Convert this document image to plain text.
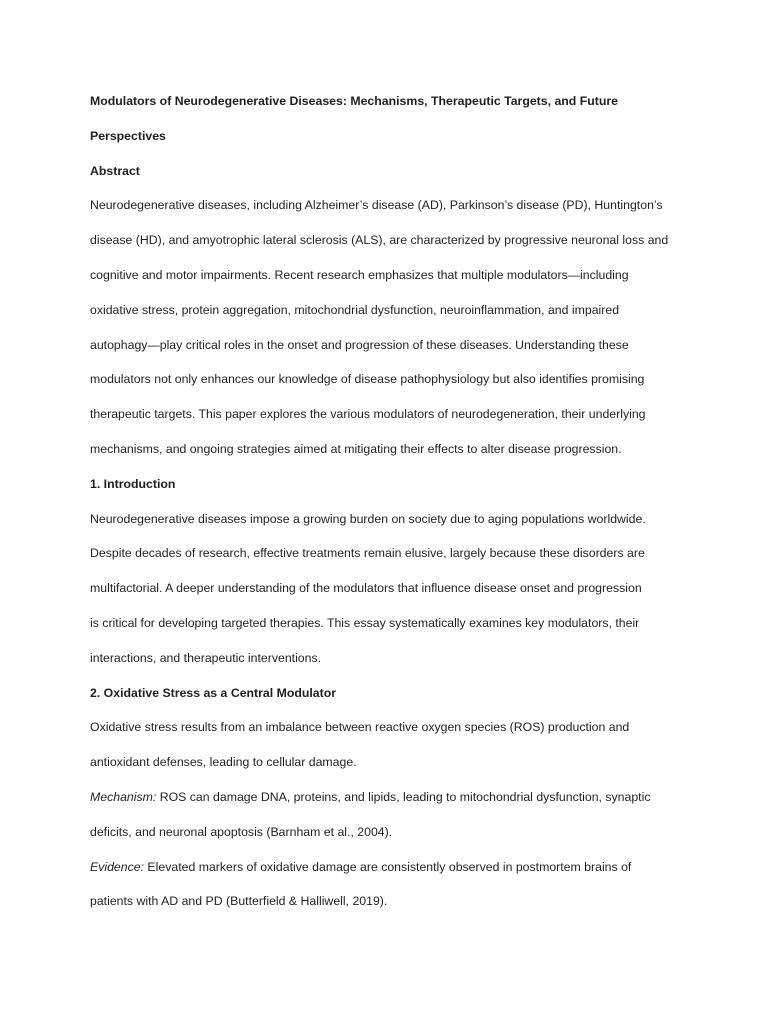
Modulators of Neurodegenerative Diseases: Mechanisms, Therapeutic Targets, and Future

Perspectives

Abstract

Neurodegenerative diseases, including Alzheimer’s disease (AD), Parkinson’s disease (PD), Huntington’s

disease (HD), and amyotrophic lateral sclerosis (ALS), are characterized by progressive neuronal loss and

cognitive and motor impairments. Recent research emphasizes that multiple modulators—including

oxidative stress, protein aggregation, mitochondrial dysfunction, neuroinflammation, and impaired

autophagy—play critical roles in the onset and progression of these diseases. Understanding these

modulators not only enhances our knowledge of disease pathophysiology but also identifies promising

therapeutic targets. This paper explores the various modulators of neurodegeneration, their underlying

mechanisms, and ongoing strategies aimed at mitigating their effects to alter disease progression.

1. Introduction

Neurodegenerative diseases impose a growing burden on society due to aging populations worldwide.

Despite decades of research, effective treatments remain elusive, largely because these disorders are

multifactorial. A deeper understanding of the modulators that influence disease onset and progression

is critical for developing targeted therapies. This essay systematically examines key modulators, their

interactions, and therapeutic interventions.

2. Oxidative Stress as a Central Modulator

Oxidative stress results from an imbalance between reactive oxygen species (ROS) production and

antioxidant defenses, leading to cellular damage.

Mechanism: ROS can damage DNA, proteins, and lipids, leading to mitochondrial dysfunction, synaptic

deficits, and neuronal apoptosis (Barnham et al., 2004).

Evidence: Elevated markers of oxidative damage are consistently observed in postmortem brains of

patients with AD and PD (Butterfield & Halliwell, 2019).
